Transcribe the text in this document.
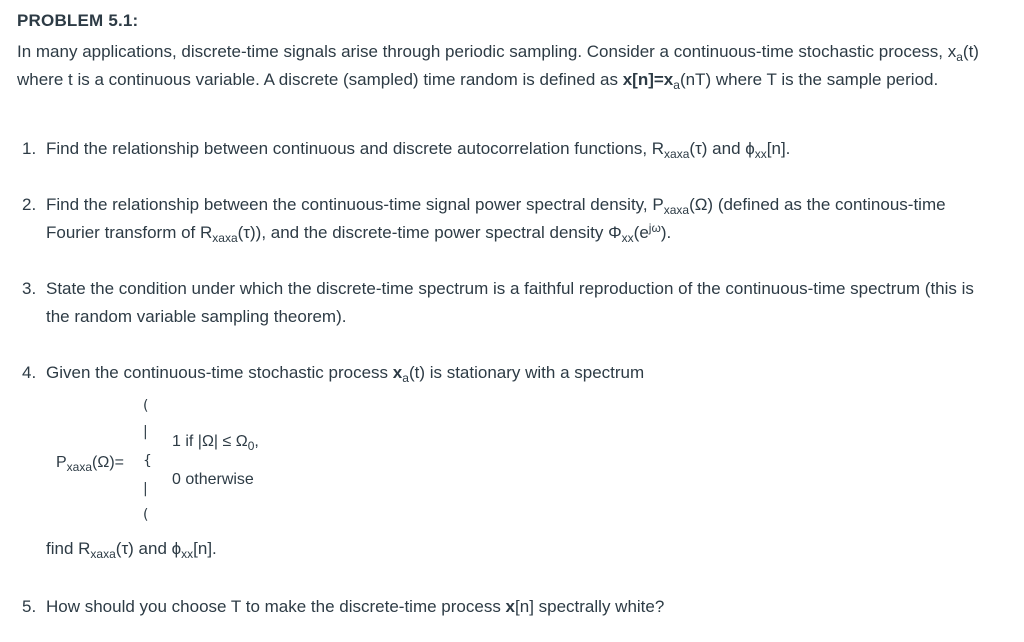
PROBLEM 5.1:
In many applications, discrete-time signals arise through periodic sampling. Consider a continuous-time stochastic process, $x_a(t)$ where t is a continuous variable. A discrete (sampled) time random is defined as $x[n]=x_a(nT)$ where T is the sample period.
1. Find the relationship between continuous and discrete autocorrelation functions, $R_{xaxa}(\tau)$ and $\phi_{xx}[n]$.
2. Find the relationship between the continuous-time signal power spectral density, $P_{xaxa}(\Omega)$ (defined as the continous-time Fourier transform of $R_{xaxa}(\tau)$), and the discrete-time power spectral density $\Phi_{xx}(e^{j\omega})$.
3. State the condition under which the discrete-time spectrum is a faithful reproduction of the continuous-time spectrum (this is the random variable sampling theorem).
4. Given the continuous-time stochastic process $x_a(t)$ is stationary with a spectrum
$P_{xaxa}(\Omega)=$
(
|
{
|
(
1 if $|\Omega| \le \Omega_0$,
0 otherwise
find $R_{xaxa}(\tau)$ and $\phi_{xx}[n]$.
5. How should you choose T to make the discrete-time process x[n] spectrally white?
